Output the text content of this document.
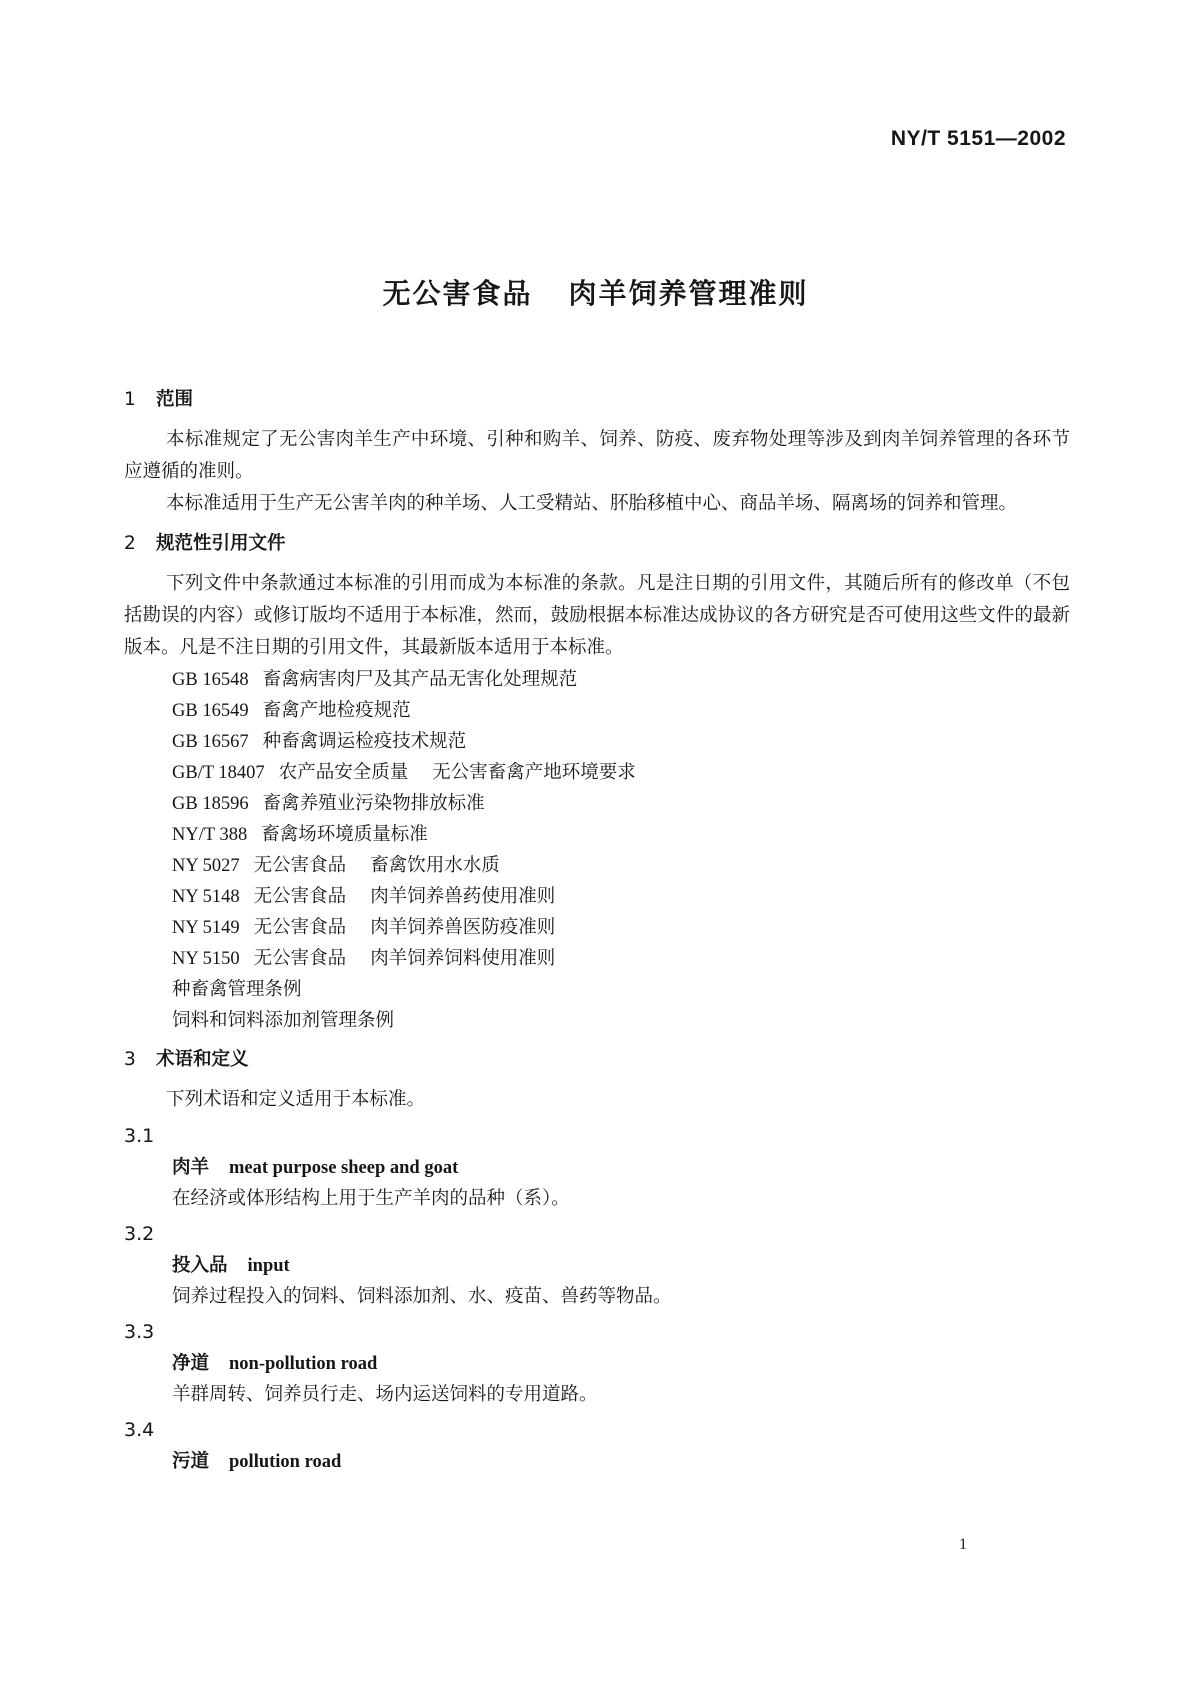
NY/T 5151—2002
无公害食品 肉羊饲养管理准则
1 范围

本标准规定了无公害肉羊生产中环境、引种和购羊、饲养、防疫、废弃物处理等涉及到肉羊饲养管理的各环节应遵循的准则。

本标准适用于生产无公害羊肉的种羊场、人工受精站、肧胎移植中心、商品羊场、隔离场的饲养和管理。

2 规范性引用文件

下列文件中条款通过本标准的引用而成为本标准的条款。凡是注日期的引用文件，其随后所有的修改单（不包括勘误的内容）或修订版均不适用于本标准，然而，鼓励根据本标准达成协议的各方研究是否可使用这些文件的最新版本。凡是不注日期的引用文件，其最新版本适用于本标准。

GB 16548 畜禽病害肉尸及其产品无害化处理规范
GB 16549 畜禽产地检疫规范
GB 16567 种畜禽调运检疫技术规范
GB/T 18407 农产品安全质量 无公害畜禽产地环境要求
GB 18596 畜禽养殖业污染物排放标准
NY/T 388 畜禽场环境质量标准
NY 5027 无公害食品 畜禽饮用水水质
NY 5148 无公害食品 肉羊饲养兽药使用准则
NY 5149 无公害食品 肉羊饲养兽医防疫准则
NY 5150 无公害食品 肉羊饲养饲料使用准则
种畜禽管理条例
饲料和饲料添加剂管理条例
3 术语和定义

下列术语和定义适用于本标准。

3.1
肉羊 meat purpose sheep and goat
在经济或体形结构上用于生产羊肉的品种（系）。
3.2
投入品 input
饲养过程投入的饲料、饲料添加剂、水、疫苗、兽药等物品。
3.3
净道 non-pollution road
羊群周转、饲养员行走、场内运送饲料的专用道路。
3.4
污道 pollution road
1
